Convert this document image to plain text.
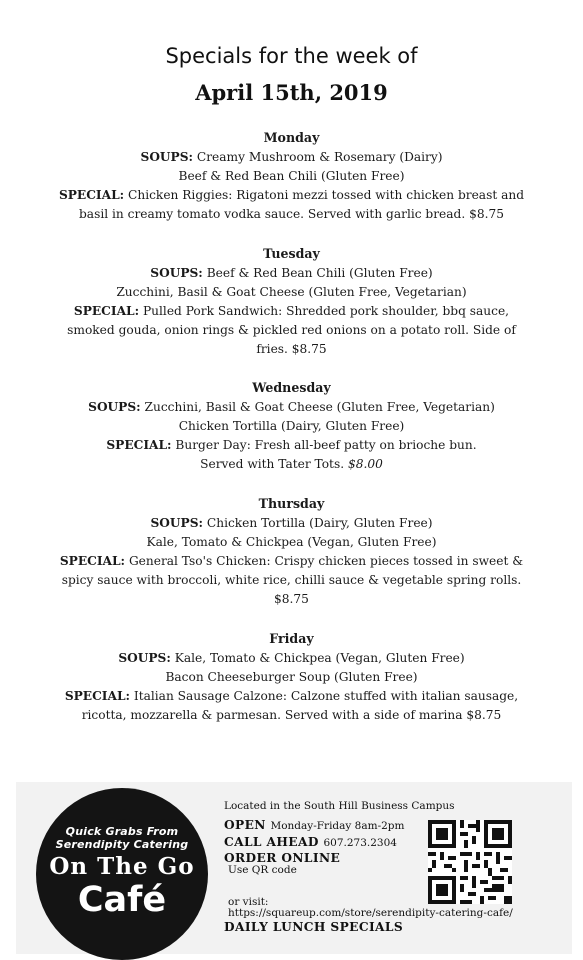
Specials for the week of
April 15th, 2019
Monday
SOUPS: Creamy Mushroom & Rosemary (Dairy)
Beef & Red Bean Chili (Gluten Free)
SPECIAL: Chicken Riggies: Rigatoni mezzi tossed with chicken breast and
basil in creamy tomato vodka sauce. Served with garlic bread. $8.75
Tuesday
SOUPS: Beef & Red Bean Chili (Gluten Free)
Zucchini, Basil & Goat Cheese (Gluten Free, Vegetarian)
SPECIAL: Pulled Pork Sandwich: Shredded pork shoulder, bbq sauce,
smoked gouda, onion rings & pickled red onions on a potato roll. Side of
fries. $8.75
Wednesday
SOUPS: Zucchini, Basil & Goat Cheese (Gluten Free, Vegetarian)
Chicken Tortilla (Dairy, Gluten Free)
SPECIAL: Burger Day: Fresh all-beef patty on brioche bun.
Served with Tater Tots. $8.00
Thursday
SOUPS: Chicken Tortilla (Dairy, Gluten Free)
Kale, Tomato & Chickpea (Vegan, Gluten Free)
SPECIAL: General Tso's Chicken: Crispy chicken pieces tossed in sweet &
spicy sauce with broccoli, white rice, chilli sauce & vegetable spring rolls.
$8.75
Friday
SOUPS: Kale, Tomato & Chickpea (Vegan, Gluten Free)
Bacon Cheeseburger Soup (Gluten Free)
SPECIAL: Italian Sausage Calzone: Calzone stuffed with italian sausage,
ricotta, mozzarella & parmesan. Served with a side of marina $8.75
Quick Grabs From
Serendipity Catering
On The Go
Café
Located in the South Hill Business Campus
OPEN Monday-Friday 8am-2pm
CALL AHEAD 607.273.2304
ORDER ONLINE
Use QR code
or visit:
https://squareup.com/store/serendipity-catering-cafe/
DAILY LUNCH SPECIALS
